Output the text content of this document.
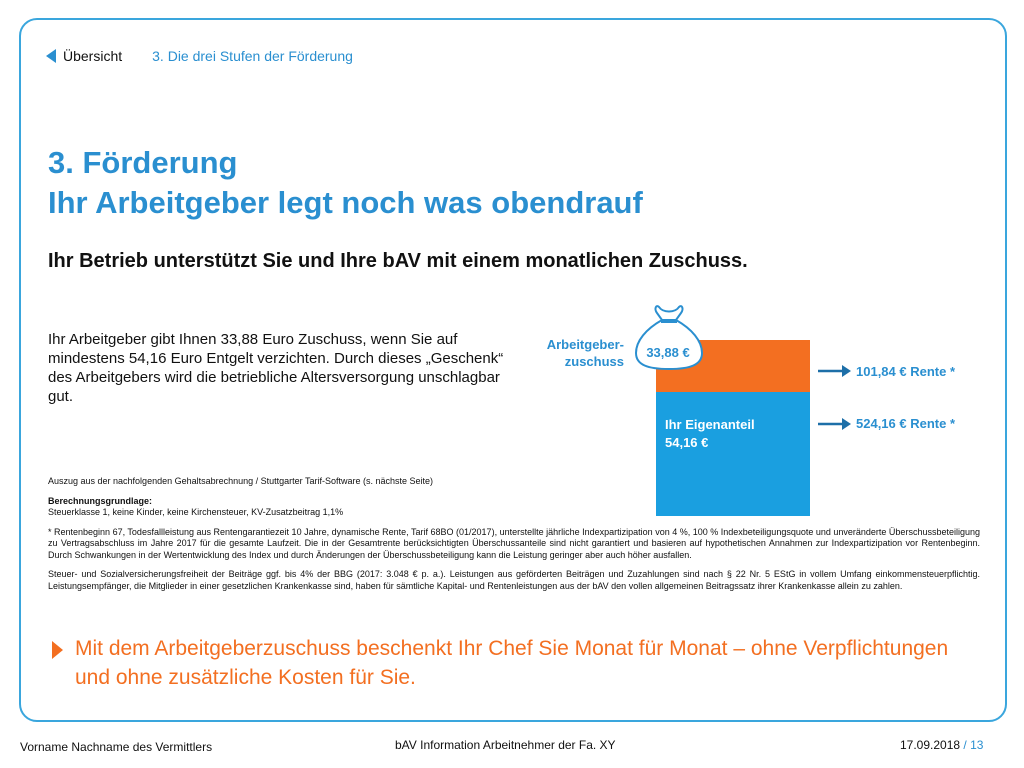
Übersicht 3. Die drei Stufen der Förderung
3. Förderung
Ihr Arbeitgeber legt noch was obendrauf
Ihr Betrieb unterstützt Sie und Ihre bAV mit einem monatlichen Zuschuss.
Ihr Arbeitgeber gibt Ihnen 33,88 Euro Zuschuss, wenn Sie auf mindestens 54,16 Euro Entgelt verzichten. Durch dieses „Geschenk“ des Arbeitgebers wird die betriebliche Altersversorgung unschlagbar gut.
Arbeitgeber-
zuschuss
33,88 €
Ihr Eigenanteil
54,16 €
101,84 € Rente *
524,16 € Rente *

Auszug aus der nachfolgenden Gehaltsabrechnung / Stuttgarter Tarif-Software (s. nächste Seite)

Berechnungsgrundlage:

Steuerklasse 1, keine Kinder, keine Kirchensteuer, KV-Zusatzbeitrag 1,1%

* Rentenbeginn 67, Todesfallleistung aus Rentengarantiezeit 10 Jahre, dynamische Rente, Tarif 68BO (01/2017), unterstellte jährliche Indexpartizipation von 4 %, 100 % Indexbeteiligungsquote und unveränderte Überschussbeteiligung zu Vertragsabschluss im Jahre 2017 für die gesamte Laufzeit. Die in der Gesamtrente berücksichtigten Überschussanteile sind nicht garantiert und basieren auf hypothetischen Annahmen zur Indexpartizipation vor Rentenbeginn. Durch Schwankungen in der Wertentwicklung des Index und durch Änderungen der Überschussbeteiligung kann die Leistung geringer aber auch höher ausfallen.

Steuer- und Sozialversicherungsfreiheit der Beiträge ggf. bis 4% der BBG (2017: 3.048 € p. a.). Leistungen aus geförderten Beiträgen und Zuzahlungen sind nach § 22 Nr. 5 EStG in vollem Umfang einkommensteuerpflichtig. Leistungsempfänger, die Mitglieder in einer gesetzlichen Krankenkasse sind, haben für sämtliche Kapital- und Rentenleistungen aus der bAV den vollen allgemeinen Beitragssatz ihrer Krankenkasse allein zu zahlen.

Mit dem Arbeitgeberzuschuss beschenkt Ihr Chef Sie Monat für Monat – ohne Verpflichtungen und ohne zusätzliche Kosten für Sie.
Vorname Nachname des Vermittlers	bAV Information Arbeitnehmer der Fa. XY	17.09.2018 / 13
